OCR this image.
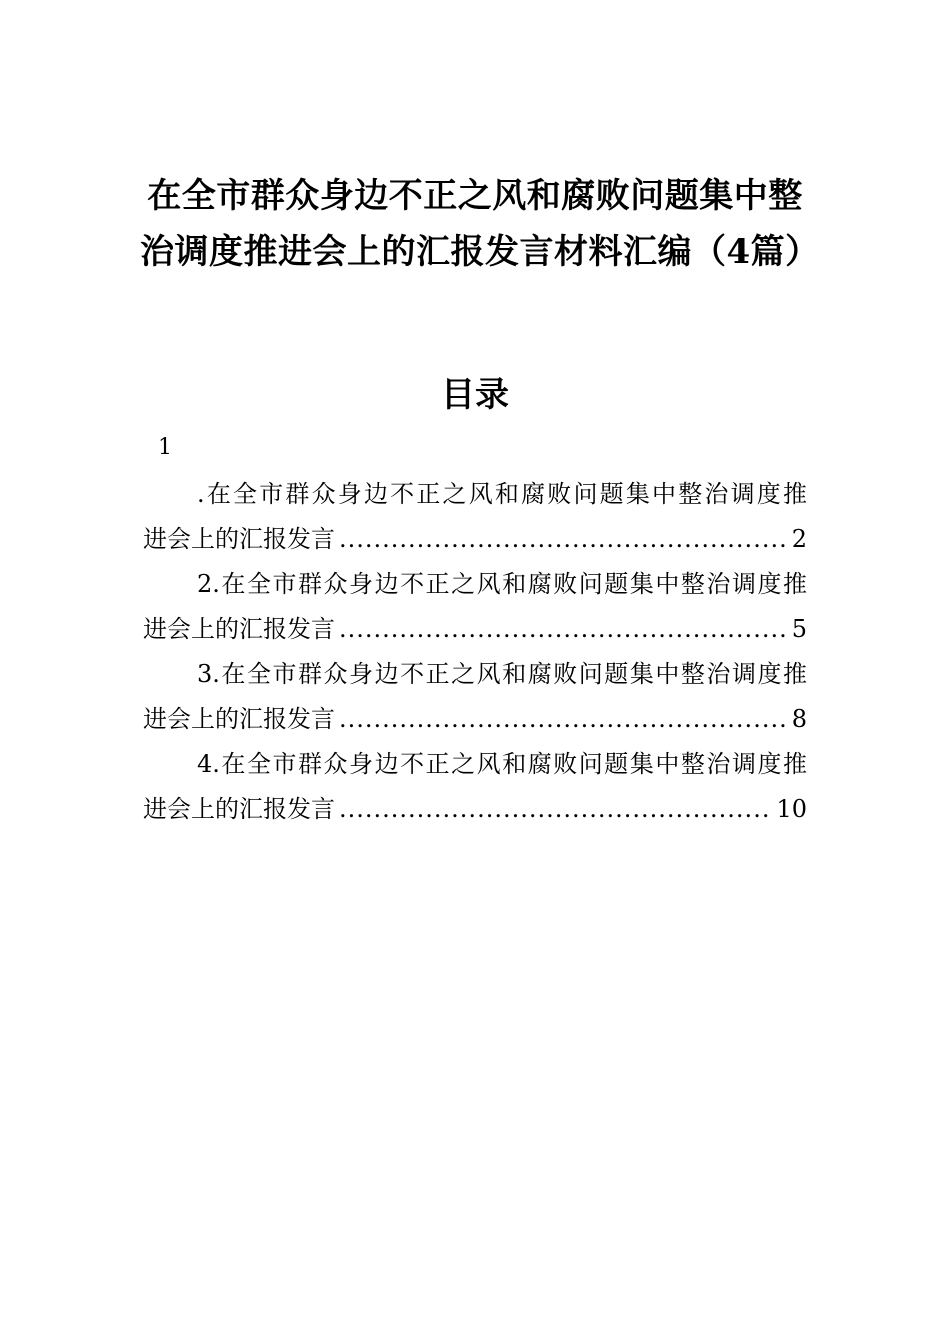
在全市群众身边不正之风和腐败问题集中整治调度推进会上的汇报发言材料汇编（4篇）
目录
1
.在全市群众身边不正之风和腐败问题集中整治调度推
进会上的汇报发言 .....	2
2.在全市群众身边不正之风和腐败问题集中整治调度推
进会上的汇报发言 .....	5
3.在全市群众身边不正之风和腐败问题集中整治调度推
进会上的汇报发言 .....	8
4.在全市群众身边不正之风和腐败问题集中整治调度推
进会上的汇报发言 .....	10
